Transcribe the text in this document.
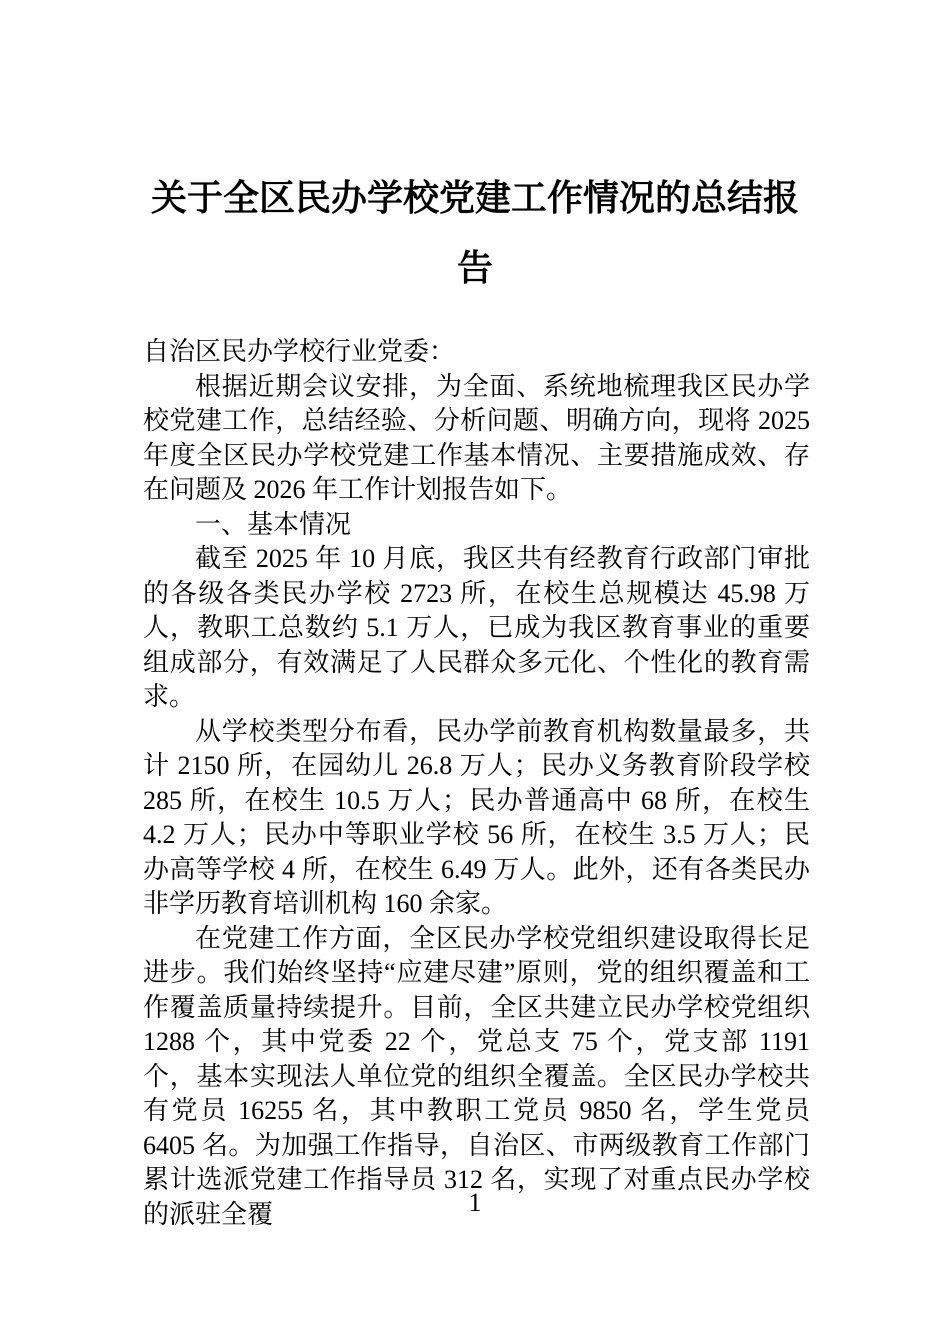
关于全区民办学校党建工作情况的总结报告

自治区民办学校行业党委：

根据近期会议安排，为全面、系统地梳理我区民办学校党建工作，总结经验、分析问题、明确方向，现将 2025 年度全区民办学校党建工作基本情况、主要措施成效、存在问题及 2026 年工作计划报告如下。

一、基本情况

截至 2025 年 10 月底，我区共有经教育行政部门审批的各级各类民办学校 2723 所，在校生总规模达 45.98 万人，教职工总数约 5.1 万人，已成为我区教育事业的重要组成部分，有效满足了人民群众多元化、个性化的教育需求。

从学校类型分布看，民办学前教育机构数量最多，共计 2150 所，在园幼儿 26.8 万人；民办义务教育阶段学校 285 所，在校生 10.5 万人；民办普通高中 68 所，在校生 4.2 万人；民办中等职业学校 56 所，在校生 3.5 万人；民办高等学校 4 所，在校生 6.49 万人。此外，还有各类民办非学历教育培训机构 160 余家。

在党建工作方面，全区民办学校党组织建设取得长足进步。我们始终坚持“应建尽建”原则，党的组织覆盖和工作覆盖质量持续提升。目前，全区共建立民办学校党组织 1288 个，其中党委 22 个，党总支 75 个，党支部 1191 个，基本实现法人单位党的组织全覆盖。全区民办学校共有党员 16255 名，其中教职工党员 9850 名，学生党员 6405 名。为加强工作指导，自治区、市两级教育工作部门累计选派党建工作指导员 312 名，实现了对重点民办学校的派驻全覆	1
